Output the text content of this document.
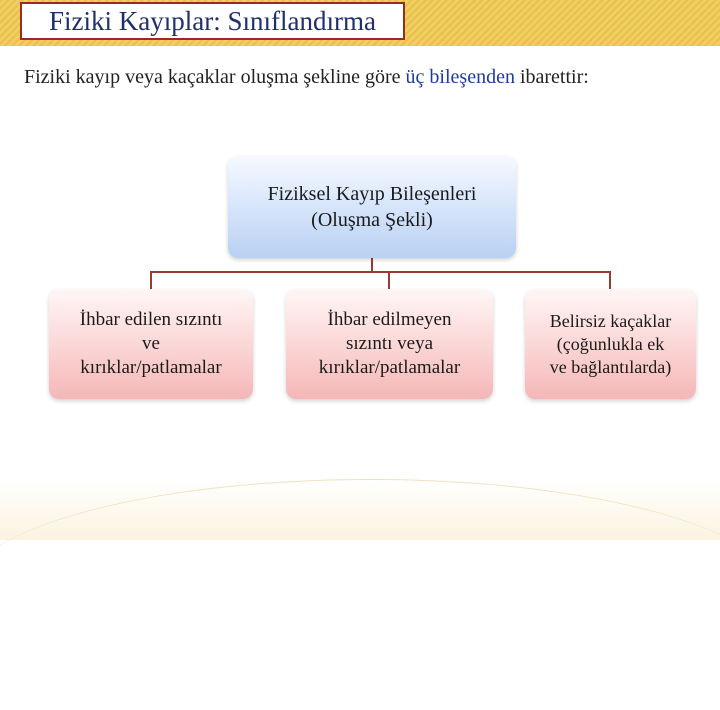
Fiziki Kayıplar: Sınıflandırma
Fiziki kayıp veya kaçaklar oluşma şekline göre üç bileşenden ibarettir:
Fiziksel Kayıp Bileşenleri
(Oluşma Şekli)
İhbar edilen sızıntı
ve
kırıklar/patlamalar
İhbar edilmeyen
sızıntı veya
kırıklar/patlamalar
Belirsiz kaçaklar
(çoğunlukla ek
ve bağlantılarda)
